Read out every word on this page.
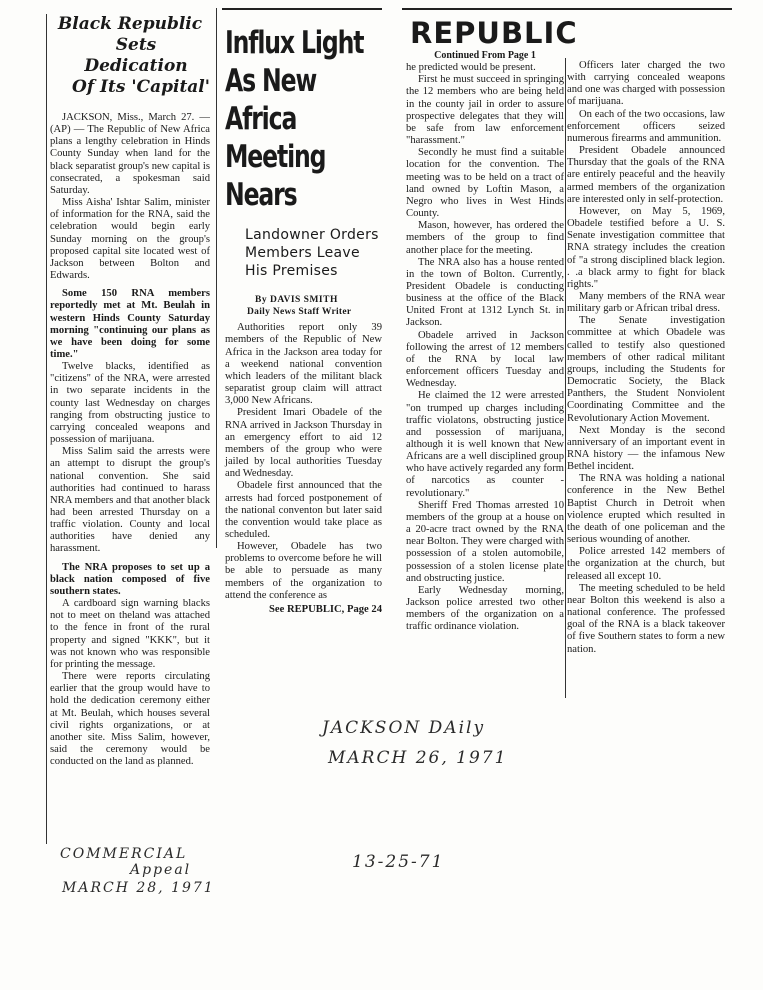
Black Republic
Sets Dedication
Of Its 'Capital'

JACKSON, Miss., March 27. — (AP) — The Republic of New Africa plans a lengthy celebration in Hinds County Sunday when land for the black separatist group's new capital is consecrated, a spokesman said Saturday.

Miss Aisha' Ishtar Salim, minister of information for the RNA, said the celebration would begin early Sunday morning on the group's proposed capital site located west of Jackson between Bolton and Edwards.

Some 150 RNA members reportedly met at Mt. Beulah in western Hinds County Saturday morning "continuing our plans as we have been doing for some time."

Twelve blacks, identified as "citizens" of the NRA, were arrested in two separate incidents in the county last Wednesday on charges ranging from obstructing justice to carrying concealed weapons and possession of marijuana.

Miss Salim said the arrests were an attempt to disrupt the group's national convention. She said authorities had continued to harass NRA members and that another black had been arrested Thursday on a traffic violation. County and local authorities have denied any harassment.

The NRA proposes to set up a black nation composed of five southern states.

A cardboard sign warning blacks not to meet on theland was attached to the fence in front of the rural property and signed "KKK", but it was not known who was responsible for printing the message.

There were reports circulating earlier that the group would have to hold the dedication ceremony either at Mt. Beulah, which houses several civil rights organizations, or at another site. Miss Salim, however, said the ceremony would be conducted on the land as planned.

Influx Light
As New Africa
Meeting Nears
Landowner Orders
Members Leave
His Premises
By DAVIS SMITH
Daily News Staff Writer

Authorities report only 39 members of the Republic of New Africa in the Jackson area today for a weekend national convention which leaders of the militant black separatist group claim will attract 3,000 New Africans.

President Imari Obadele of the RNA arrived in Jackson Thursday in an emergency effort to aid 12 members of the group who were jailed by local authorities Tuesday and Wednesday.

Obadele first announced that the arrests had forced postponement of the national conventon but later said the convention would take place as scheduled.

However, Obadele has two problems to overcome before he will be able to persuade as many members of the organization to attend the conference as

See REPUBLIC, Page 24
REPUBLIC
Continued From Page 1

he predicted would be present.

First he must succeed in springing the 12 members who are being held in the county jail in order to assure prospective delegates that they will be safe from law enforcement "harassment."

Secondly he must find a suitable location for the convention. The meeting was to be held on a tract of land owned by Loftin Mason, a Negro who lives in West Hinds County.

Mason, however, has ordered the members of the group to find another place for the meeting.

The NRA also has a house rented in the town of Bolton. Currently, President Obadele is conducting business at the office of the Black United Front at 1312 Lynch St. in Jackson.

Obadele arrived in Jackson following the arrest of 12 members of the RNA by local law enforcement officers Tuesday and Wednesday.

He claimed the 12 were arrested "on trumped up charges including traffic violatons, obstructing justice and possession of marijuana, although it is well known that New Africans are a well disciplined group who have actively regarded any form of narcotics as counter - revolutionary."

Sheriff Fred Thomas arrested 10 members of the group at a house on a 20-acre tract owned by the RNA near Bolton. They were charged with possession of a stolen automobile, possession of a stolen license plate and obstructing justice.

Early Wednesday morning, Jackson police arrested two other members of the organization on a traffic ordinance violation.

Officers later charged the two with carrying concealed weapons and one was charged with possession of marijuana.

On each of the two occasions, law enforcement officers seized numerous firearms and ammunition.

President Obadele announced Thursday that the goals of the RNA are entirely peaceful and the heavily armed members of the organization are interested only in self-protection.

However, on May 5, 1969, Obadele testified before a U. S. Senate investigation committee that RNA strategy includes the creation of "a strong disciplined black legion. . .a black army to fight for black rights."

Many members of the RNA wear military garb or African tribal dress.

The Senate investigation committee at which Obadele was called to testify also questioned members of other radical militant groups, including the Students for Democratic Society, the Black Panthers, the Student Nonviolent Coordinating Committee and the Revolutionary Action Movement.

Next Monday is the second anniversary of an important event in RNA history — the infamous New Bethel incident.

The RNA was holding a national conference in the New Bethel Baptist Church in Detroit when violence erupted which resulted in the death of one policeman and the serious wounding of another.

Police arrested 142 members of the organization at the church, but released all except 10.

The meeting scheduled to be held near Bolton this weekend is also a national conference. The professed goal of the RNA is a black takeover of five Southern states to form a new nation.

JACKSON DAily
MARCH 26, 1971
COMMERCIAL
Appeal
MARCH 28, 1971
13-25-71
